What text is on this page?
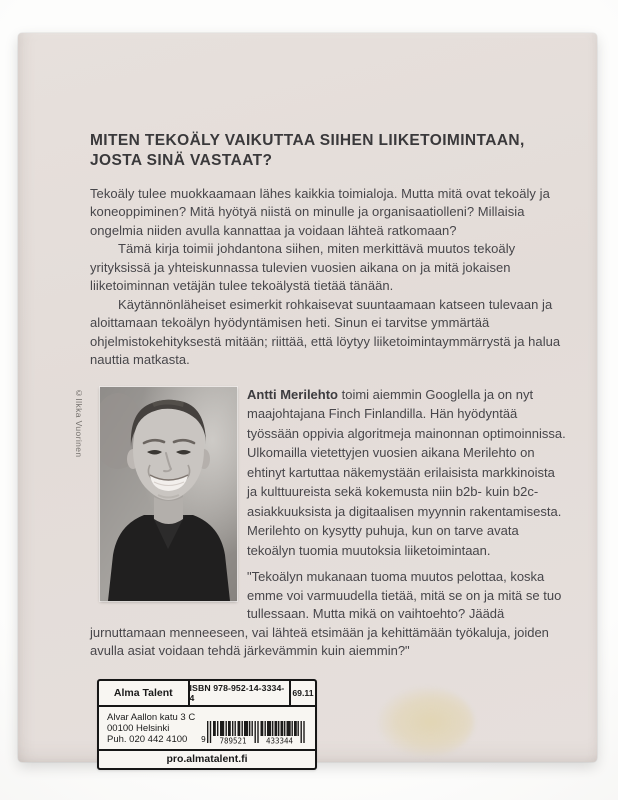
MITEN TEKOÄLY VAIKUTTAA SIIHEN LIIKETOIMINTAAN,
JOSTA SINÄ VASTAAT?

Tekoäly tulee muokkaamaan lähes kaikkia toimialoja. Mutta mitä ovat tekoäly ja koneoppiminen? Mitä hyötyä niistä on minulle ja organisaatiolleni? Millaisia ongelmia niiden avulla kannattaa ja voidaan lähteä ratkomaan?

Tämä kirja toimii johdantona siihen, miten merkittävä muutos tekoäly yrityksissä ja yhteiskunnassa tulevien vuosien aikana on ja mitä jokaisen liiketoiminnan vetäjän tulee tekoälystä tietää tänään.

Käytännönläheiset esimerkit rohkaisevat suuntaamaan katseen tulevaan ja aloittamaan tekoälyn hyödyntämisen heti. Sinun ei tarvitse ymmärtää ohjelmistokehityksestä mitään; riittää, että löytyy liiketoimintaymmärrystä ja halua nauttia matkasta.

©Ilkka Vuorinen	Antti Merilehto toimi aiemmin Googlella ja on nyt maajohtajana Finch Finlandilla. Hän hyödyntää työssään oppivia algoritmeja mainonnan optimoinnissa. Ulkomailla vietettyjen vuosien aikana Merilehto on ehtinyt kartuttaa näkemystään erilaisista markkinoista ja kulttuureista sekä kokemusta niin b2b- kuin b2c-asiakkuuksista ja digitaalisen myynnin rakentamisesta. Merilehto on kysytty puhuja, kun on tarve avata tekoälyn tuomia muutoksia liiketoimintaan.

"Tekoälyn mukanaan tuoma muutos pelottaa, koska emme voi varmuudella tietää, mitä se on ja mitä se tuo tullessaan. Mutta mikä on vaihtoehto? Jäädä jurnuttamaan menneeseen, vai lähteä etsimään ja kehittämään työkaluja, joiden avulla asiat voidaan tehdä järkevämmin kuin aiemmin?"

Alma Talent	ISBN 978-952-14-3334-4	69.11
Alvar Aallon katu 3 C
00100 Helsinki
Puh. 020 442 4100	9 789521	433344
pro.almatalent.fi
